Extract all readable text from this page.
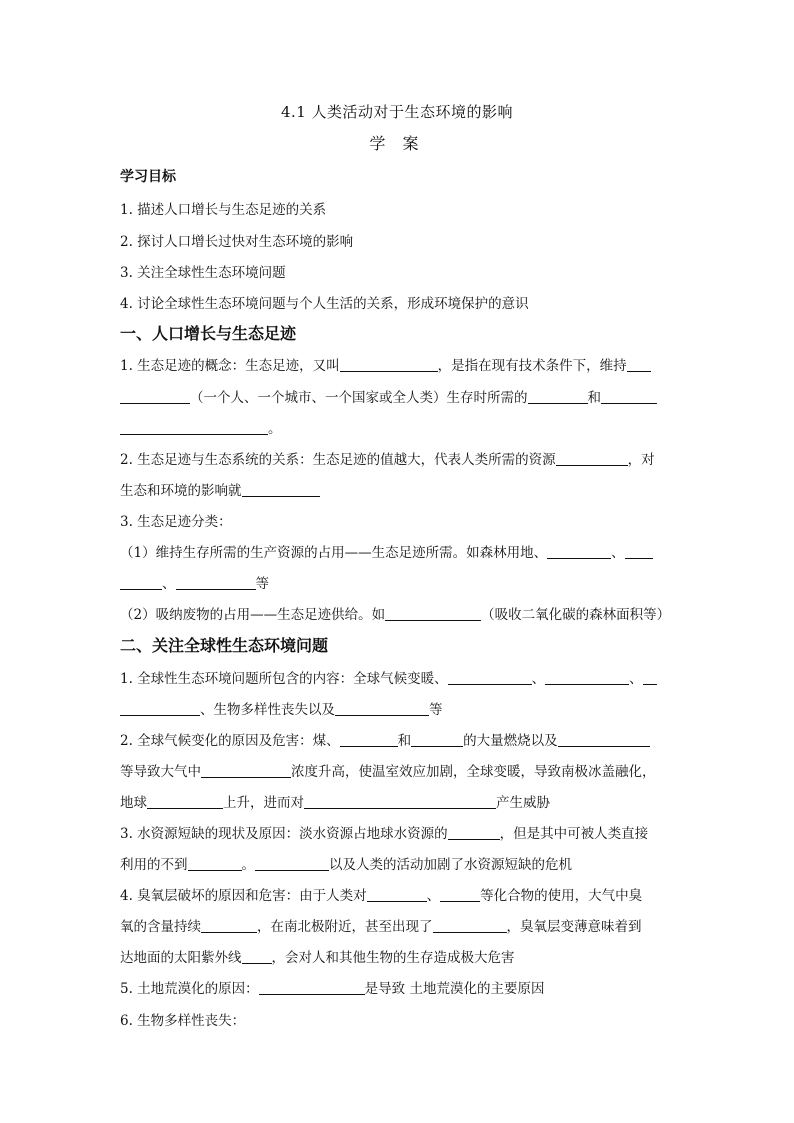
4.1 人类活动对于生态环境的影响
学 案
学习目标
1. 描述人口增长与生态足迹的关系
2. 探讨人口增长过快对生态环境的影响
3. 关注全球性生态环境问题
4. 讨论全球性生态环境问题与个人生活的关系，形成环境保护的意识
一、人口增长与生态足迹
1. 生态足迹的概念：生态足迹，又叫	，是指在现有技术条件下，维持
（一个人、一个城市、一个国家或全人类）生存时所需的	和
。
2. 生态足迹与生态系统的关系：生态足迹的值越大，代表人类所需的资源	，对
生态和环境的影响就
3. 生态足迹分类：
（1）维持生存所需的生产资源的占用——生态足迹所需。如森林用地、	、
、	等
（2）吸纳废物的占用——生态足迹供给。如	（吸收二氧化碳的森林面积等）
二、关注全球性生态环境问题
1. 全球性生态环境问题所包含的内容：全球气候变暖、	、	、
、生物多样性丧失以及	等
2. 全球气候变化的原因及危害：煤、	和	的大量燃烧以及
等导致大气中	浓度升高，使温室效应加剧，全球变暖，导致南极冰盖融化，
地球	上升，进而对	产生威胁
3. 水资源短缺的现状及原因：淡水资源占地球水资源的	，但是其中可被人类直接
利用的不到	。	以及人类的活动加剧了水资源短缺的危机
4. 臭氧层破坏的原因和危害：由于人类对	、	等化合物的使用，大气中臭
氧的含量持续	，在南北极附近，甚至出现了	，臭氧层变薄意味着到
达地面的太阳紫外线 ，会对人和其他生物的生存造成极大危害
5. 土地荒漠化的原因：	是导致 土地荒漠化的主要原因
6. 生物多样性丧失：
